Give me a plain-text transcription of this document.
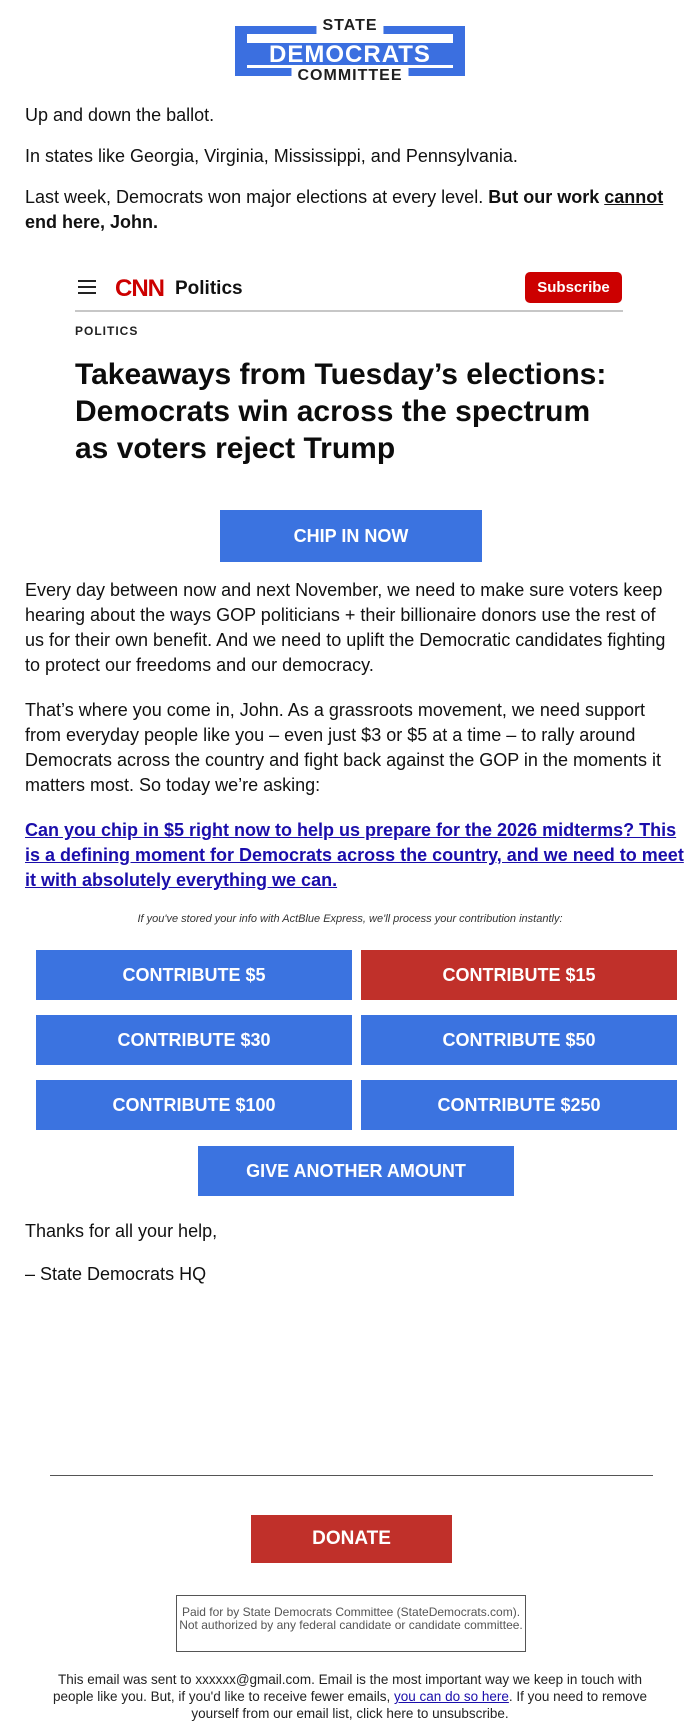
STATE
DEMOCRATS
COMMITTEE
Up and down the ballot.
In states like Georgia, Virginia, Mississippi, and Pennsylvania.
Last week, Democrats won major elections at every level. But our work cannot end here, John.
CNN Politics	Subscribe
POLITICS
Takeaways from Tuesday’s elections: Democrats win across the spectrum as voters reject Trump
CHIP IN NOW
Every day between now and next November, we need to make sure voters keep hearing about the ways GOP politicians + their billionaire donors use the rest of us for their own benefit. And we need to uplift the Democratic candidates fighting to protect our freedoms and our democracy.
That’s where you come in, John. As a grassroots movement, we need support from everyday people like you – even just $3 or $5 at a time – to rally around Democrats across the country and fight back against the GOP in the moments it matters most. So today we’re asking:
Can you chip in $5 right now to help us prepare for the 2026 midterms? This is a defining moment for Democrats across the country, and we need to meet it with absolutely everything we can.
If you've stored your info with ActBlue Express, we'll process your contribution instantly:
CONTRIBUTE $5	CONTRIBUTE $15
CONTRIBUTE $30	CONTRIBUTE $50
CONTRIBUTE $100	CONTRIBUTE $250
GIVE ANOTHER AMOUNT
Thanks for all your help,
– State Democrats HQ
DONATE
Paid for by State Democrats Committee (StateDemocrats.com). Not authorized by any federal candidate or candidate committee.
This email was sent to xxxxxx@gmail.com. Email is the most important way we keep in touch with people like you. But, if you'd like to receive fewer emails, you can do so here. If you need to remove yourself from our email list, click here to unsubscribe.
